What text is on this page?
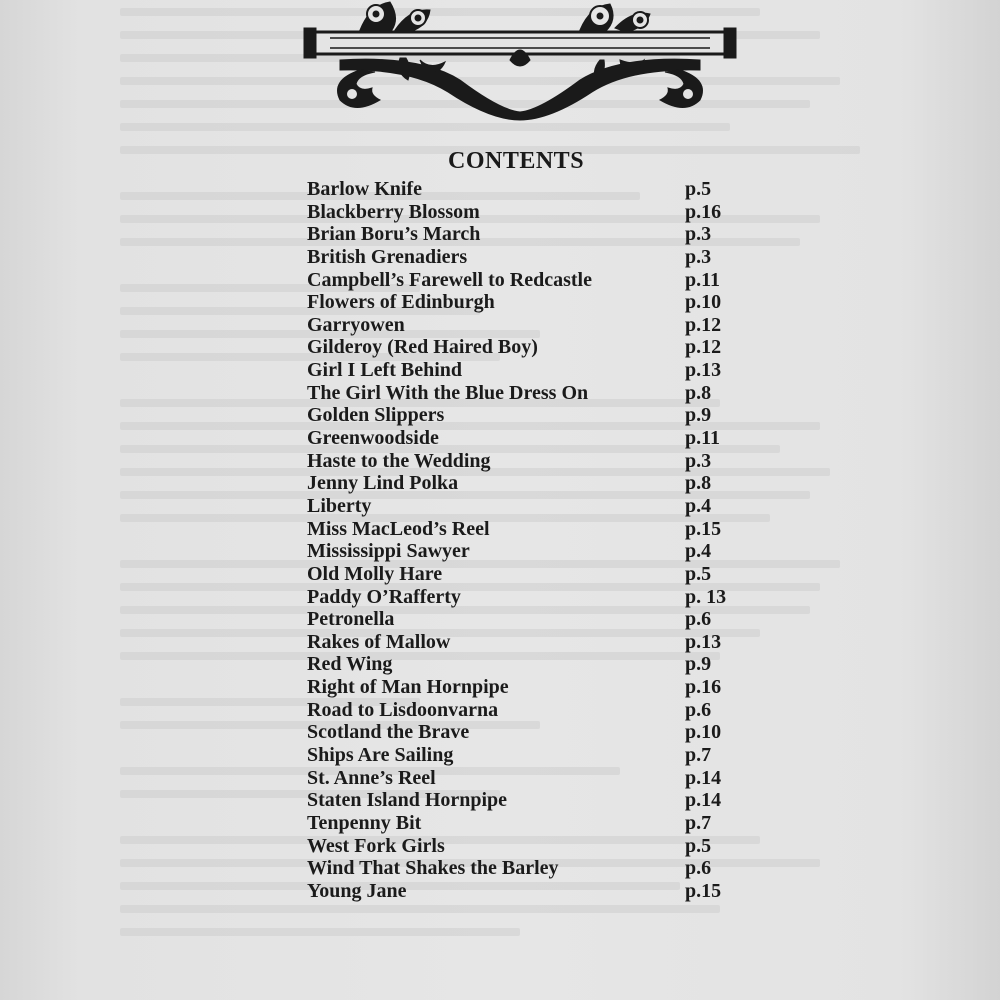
CONTENTS
Barlow Knife	p.5
Blackberry Blossom	p.16
Brian Boru’s March	p.3
British Grenadiers	p.3
Campbell’s Farewell to Redcastle	p.11
Flowers of Edinburgh	p.10
Garryowen	p.12
Gilderoy (Red Haired Boy)	p.12
Girl I Left Behind	p.13
The Girl With the Blue Dress On	p.8
Golden Slippers	p.9
Greenwoodside	p.11
Haste to the Wedding	p.3
Jenny Lind Polka	p.8
Liberty	p.4
Miss MacLeod’s Reel	p.15
Mississippi Sawyer	p.4
Old Molly Hare	p.5
Paddy O’Rafferty	p. 13
Petronella	p.6
Rakes of Mallow	p.13
Red Wing	p.9
Right of Man Hornpipe	p.16
Road to Lisdoonvarna	p.6
Scotland the Brave	p.10
Ships Are Sailing	p.7
St. Anne’s Reel	p.14
Staten Island Hornpipe	p.14
Tenpenny Bit	p.7
West Fork Girls	p.5
Wind That Shakes the Barley	p.6
Young Jane	p.15
